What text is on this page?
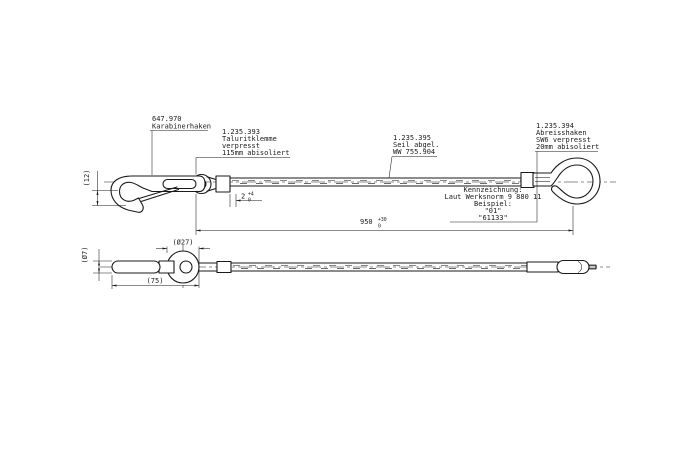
647.970
Karabinerhaken
1.235.393
Taluritklemme
verpresst
115mm abisoliert
1.235.395
Seil abgel.
WW 755.904
1.235.394
Abreisshaken
SW6 verpresst
20mm abisoliert
Kennzeichnung:
Laut Werksnorm 9 880 11
Beispiel:
"01"
"61133"
(12)
2 +4
0
950 +30
0
(Ø27)
(Ø7)
(75)
